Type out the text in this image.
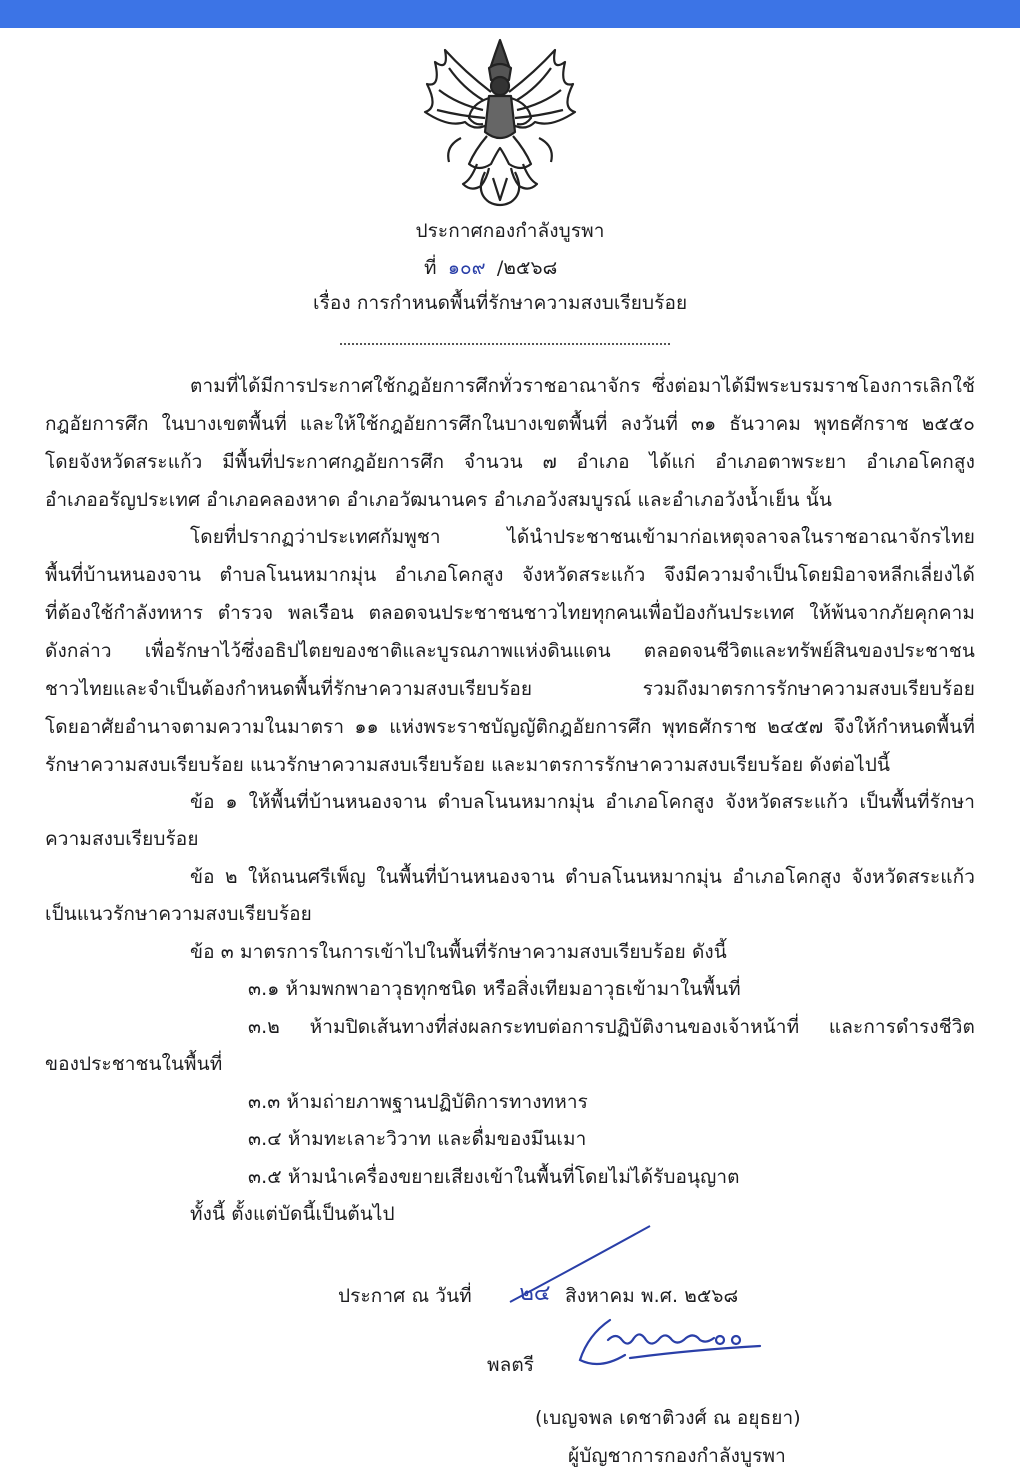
ประกาศกองกำลังบูรพา
ที่ ๑๐๙ /๒๕๖๘
เรื่อง การกำหนดพื้นที่รักษาความสงบเรียบร้อย
ตามที่ได้มีการประกาศใช้กฎอัยการศึกทั่วราชอาณาจักร ซึ่งต่อมาได้มีพระบรมราชโองการเลิกใช้
กฎอัยการศึก ในบางเขตพื้นที่ และให้ใช้กฎอัยการศึกในบางเขตพื้นที่ ลงวันที่ ๓๑ ธันวาคม พุทธศักราช ๒๕๕๐
โดยจังหวัดสระแก้ว มีพื้นที่ประกาศกฎอัยการศึก จำนวน ๗ อำเภอ ได้แก่ อำเภอตาพระยา อำเภอโคกสูง
อำเภออรัญประเทศ อำเภอคลองหาด อำเภอวัฒนานคร อำเภอวังสมบูรณ์ และอำเภอวังน้ำเย็น นั้น
โดยที่ปรากฏว่าประเทศกัมพูชา ได้นำประชาชนเข้ามาก่อเหตุจลาจลในราชอาณาจักรไทย
พื้นที่บ้านหนองจาน ตำบลโนนหมากมุ่น อำเภอโคกสูง จังหวัดสระแก้ว จึงมีความจำเป็นโดยมิอาจหลีกเลี่ยงได้
ที่ต้องใช้กำลังทหาร ตำรวจ พลเรือน ตลอดจนประชาชนชาวไทยทุกคนเพื่อป้องกันประเทศ ให้พ้นจากภัยคุกคาม
ดังกล่าว เพื่อรักษาไว้ซึ่งอธิปไตยของชาติและบูรณภาพแห่งดินแดน ตลอดจนชีวิตและทรัพย์สินของประชาชน
ชาวไทยและจำเป็นต้องกำหนดพื้นที่รักษาความสงบเรียบร้อย รวมถึงมาตรการรักษาความสงบเรียบร้อย
โดยอาศัยอำนาจตามความในมาตรา ๑๑ แห่งพระราชบัญญัติกฎอัยการศึก พุทธศักราช ๒๔๕๗ จึงให้กำหนดพื้นที่
รักษาความสงบเรียบร้อย แนวรักษาความสงบเรียบร้อย และมาตรการรักษาความสงบเรียบร้อย ดังต่อไปนี้
ข้อ ๑ ให้พื้นที่บ้านหนองจาน ตำบลโนนหมากมุ่น อำเภอโคกสูง จังหวัดสระแก้ว เป็นพื้นที่รักษา
ความสงบเรียบร้อย
ข้อ ๒ ให้ถนนศรีเพ็ญ ในพื้นที่บ้านหนองจาน ตำบลโนนหมากมุ่น อำเภอโคกสูง จังหวัดสระแก้ว
เป็นแนวรักษาความสงบเรียบร้อย
ข้อ ๓ มาตรการในการเข้าไปในพื้นที่รักษาความสงบเรียบร้อย ดังนี้
๓.๑ ห้ามพกพาอาวุธทุกชนิด หรือสิ่งเทียมอาวุธเข้ามาในพื้นที่
๓.๒ ห้ามปิดเส้นทางที่ส่งผลกระทบต่อการปฏิบัติงานของเจ้าหน้าที่ และการดำรงชีวิต
ของประชาชนในพื้นที่
๓.๓ ห้ามถ่ายภาพฐานปฏิบัติการทางทหาร
๓.๔ ห้ามทะเลาะวิวาท และดื่มของมึนเมา
๓.๕ ห้ามนำเครื่องขยายเสียงเข้าในพื้นที่โดยไม่ได้รับอนุญาต
ทั้งนี้ ตั้งแต่บัดนี้เป็นต้นไป
ประกาศ ณ วันที่	๒๔ สิงหาคม พ.ศ. ๒๕๖๘
พลตรี
(เบญจพล เดชาติวงศ์ ณ อยุธยา)
ผู้บัญชาการกองกำลังบูรพา
